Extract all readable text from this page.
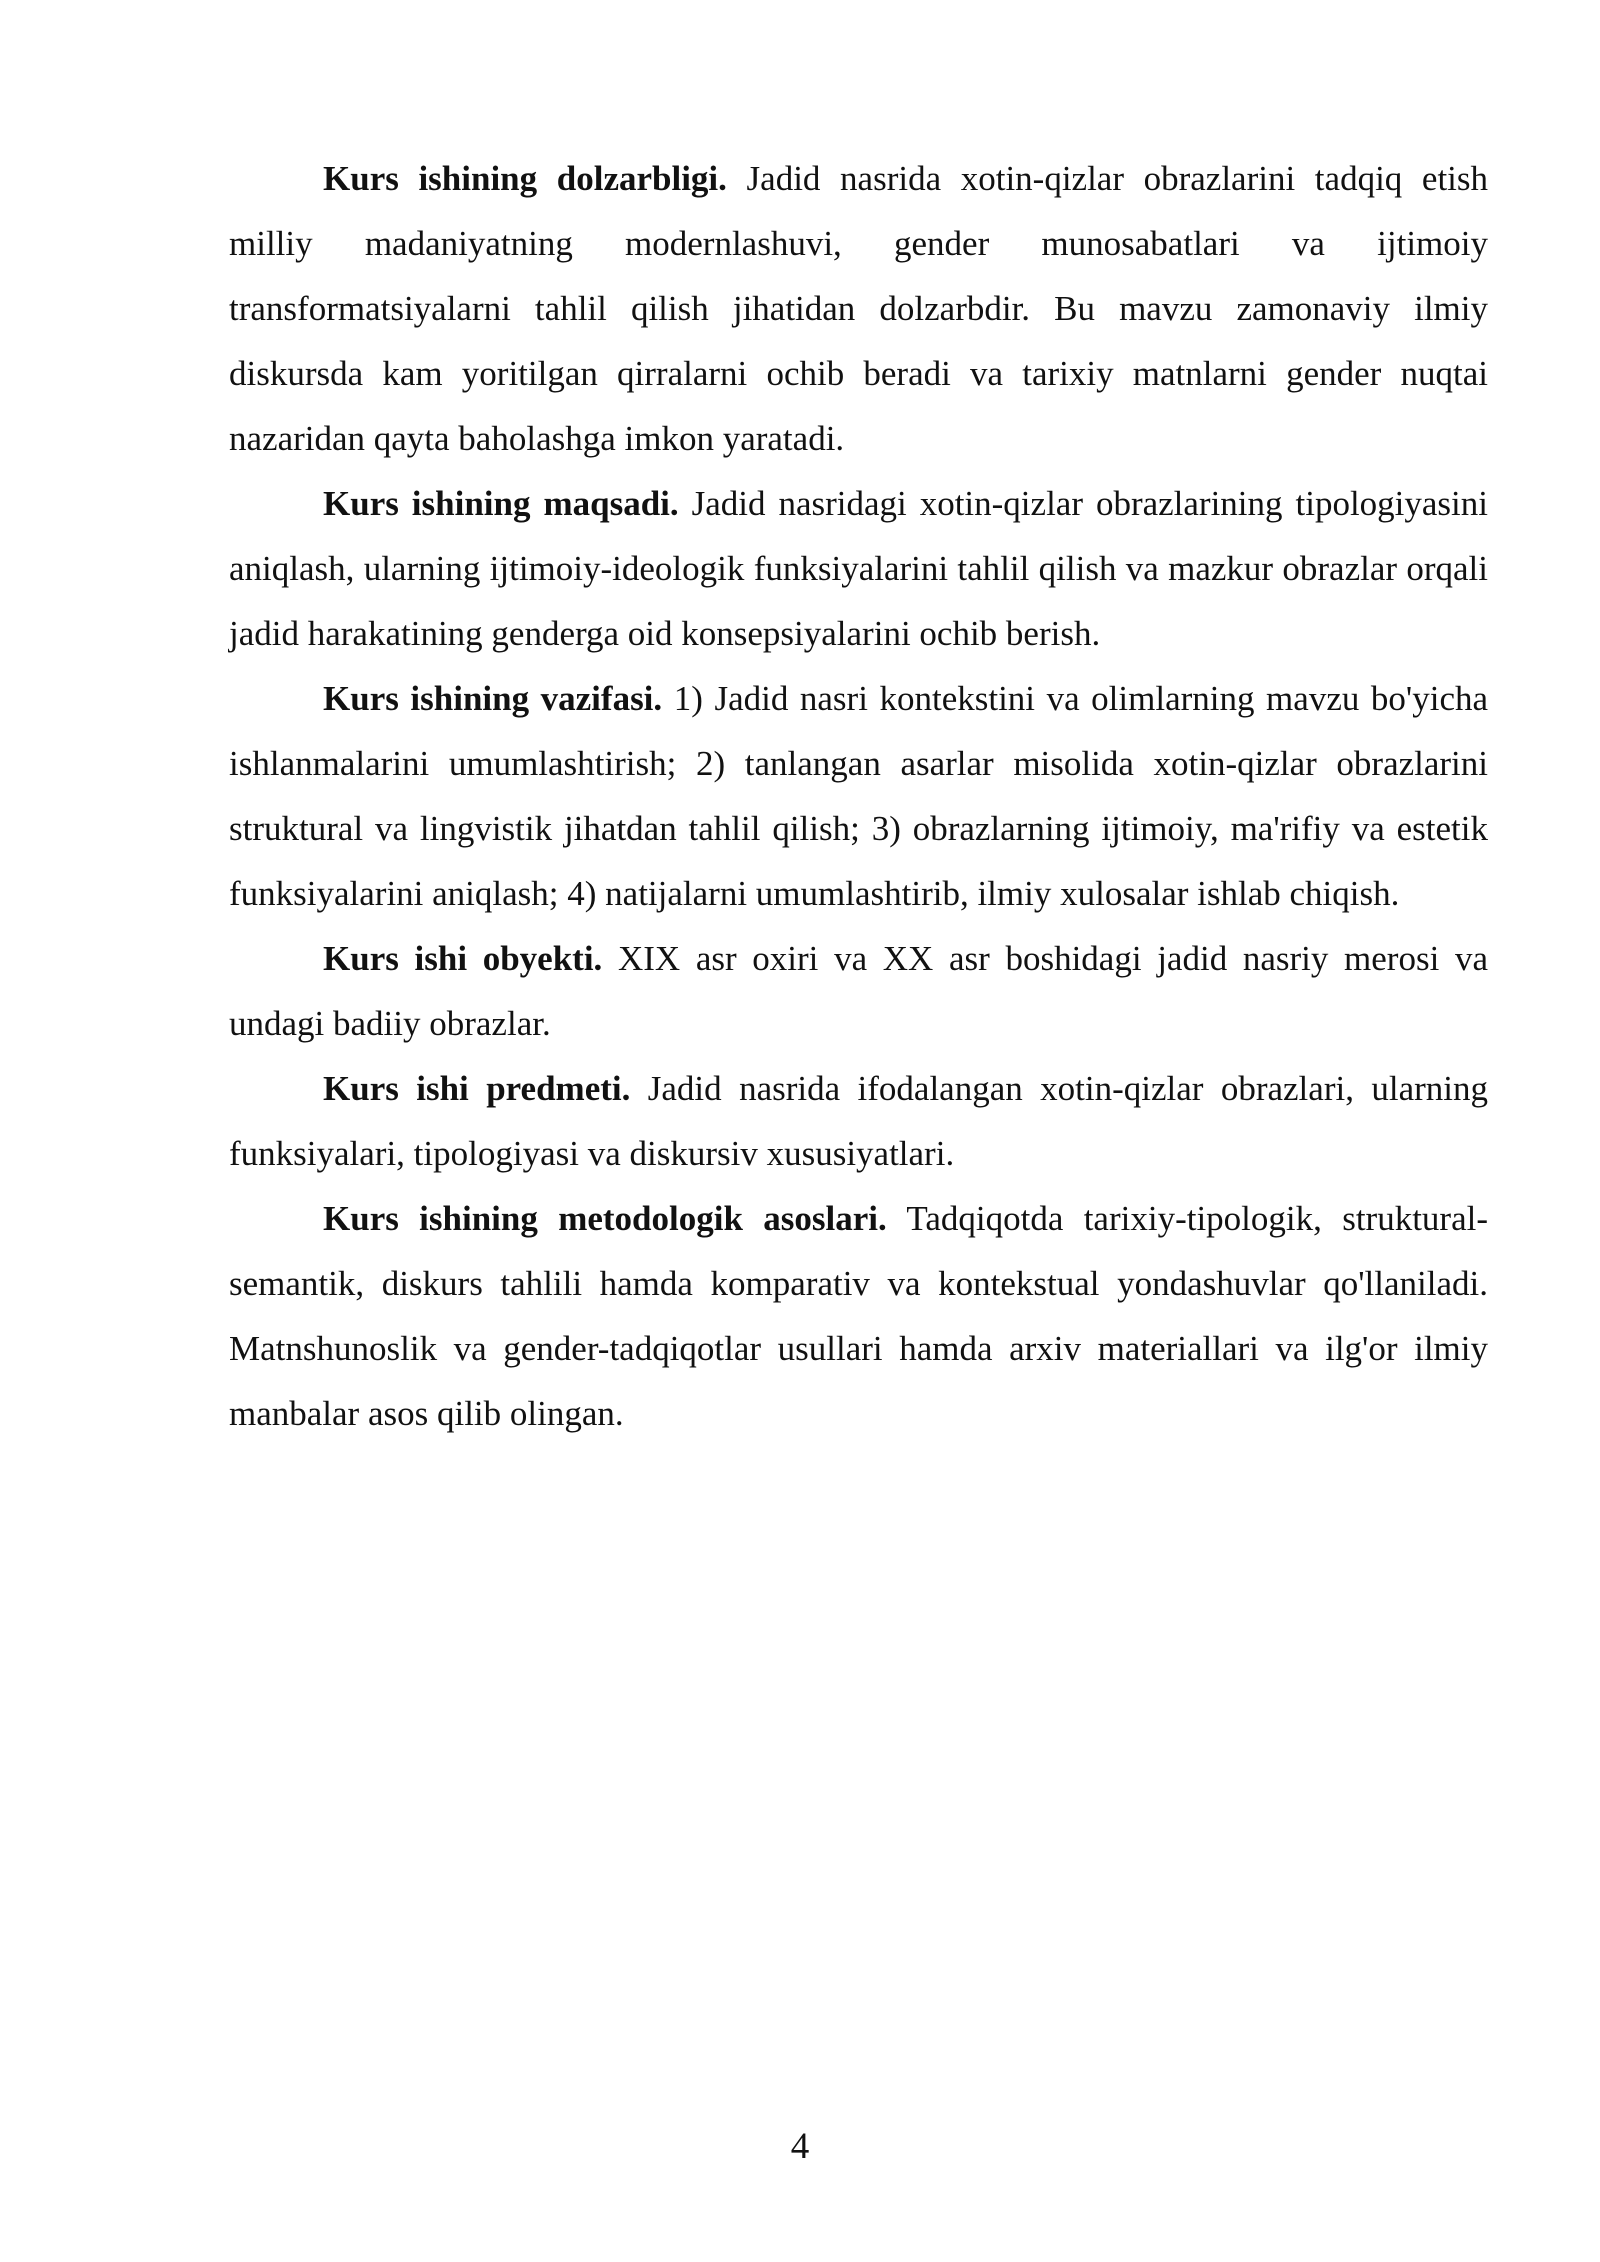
Kurs ishining dolzarbligi. Jadid nasrida xotin-qizlar obrazlarini tadqiq etish milliy madaniyatning modernlashuvi, gender munosabatlari va ijtimoiy transformatsiyalarni tahlil qilish jihatidan dolzarbdir. Bu mavzu zamonaviy ilmiy diskursda kam yoritilgan qirralarni ochib beradi va tarixiy matnlarni gender nuqtai nazaridan qayta baholashga imkon yaratadi.

Kurs ishining maqsadi. Jadid nasridagi xotin-qizlar obrazlarining tipologiyasini aniqlash, ularning ijtimoiy-ideologik funksiyalarini tahlil qilish va mazkur obrazlar orqali jadid harakatining genderga oid konsepsiyalarini ochib berish.

Kurs ishining vazifasi. 1) Jadid nasri kontekstini va olimlarning mavzu bo'yicha ishlanmalarini umumlashtirish; 2) tanlangan asarlar misolida xotin-qizlar obrazlarini struktural va lingvistik jihatdan tahlil qilish; 3) obrazlarning ijtimoiy, ma'rifiy va estetik funksiyalarini aniqlash; 4) natijalarni umumlashtirib, ilmiy xulosalar ishlab chiqish.

Kurs ishi obyekti. XIX asr oxiri va XX asr boshidagi jadid nasriy merosi va undagi badiiy obrazlar.

Kurs ishi predmeti. Jadid nasrida ifodalangan xotin-qizlar obrazlari, ularning funksiyalari, tipologiyasi va diskursiv xususiyatlari.

Kurs ishining metodologik asoslari. Tadqiqotda tarixiy-tipologik, struktural-semantik, diskurs tahlili hamda komparativ va kontekstual yondashuvlar qo'llaniladi. Matnshunoslik va gender-tadqiqotlar usullari hamda arxiv materiallari va ilg'or ilmiy manbalar asos qilib olingan.

4
